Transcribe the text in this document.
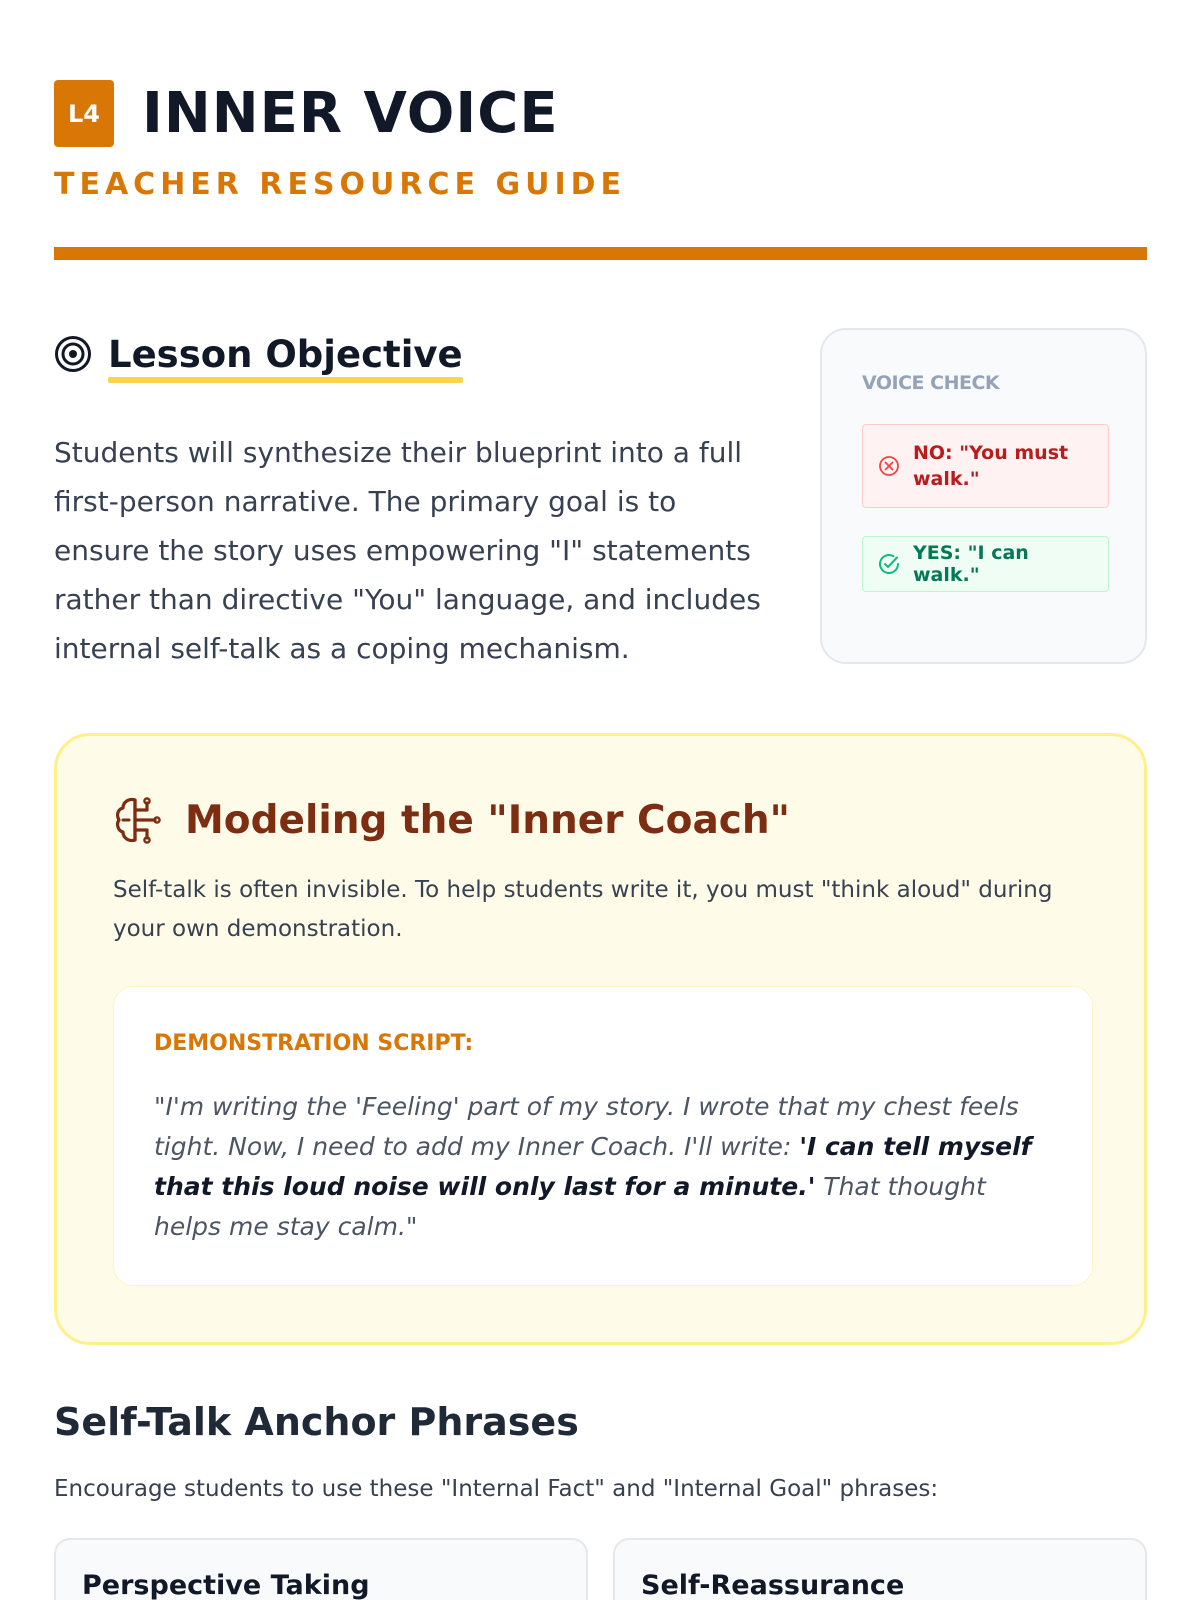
L4 INNER VOICE
TEACHER RESOURCE GUIDE
Lesson Objective

Students will synthesize their blueprint into a full first-person narrative. The primary goal is to ensure the story uses empowering "I" statements rather than directive "You" language, and includes internal self-talk as a coping mechanism.

VOICE CHECK
NO: "You must walk."
YES: "I can walk."
Modeling the "Inner Coach"

Self-talk is often invisible. To help students write it, you must "think aloud" during your own demonstration.

DEMONSTRATION SCRIPT:

"I'm writing the 'Feeling' part of my story. I wrote that my chest feels tight. Now, I need to add my Inner Coach. I'll write: 'I can tell myself that this loud noise will only last for a minute.' That thought helps me stay calm."

Self-Talk Anchor Phrases

Encourage students to use these "Internal Fact" and "Internal Goal" phrases:

Perspective Taking	Self-Reassurance
